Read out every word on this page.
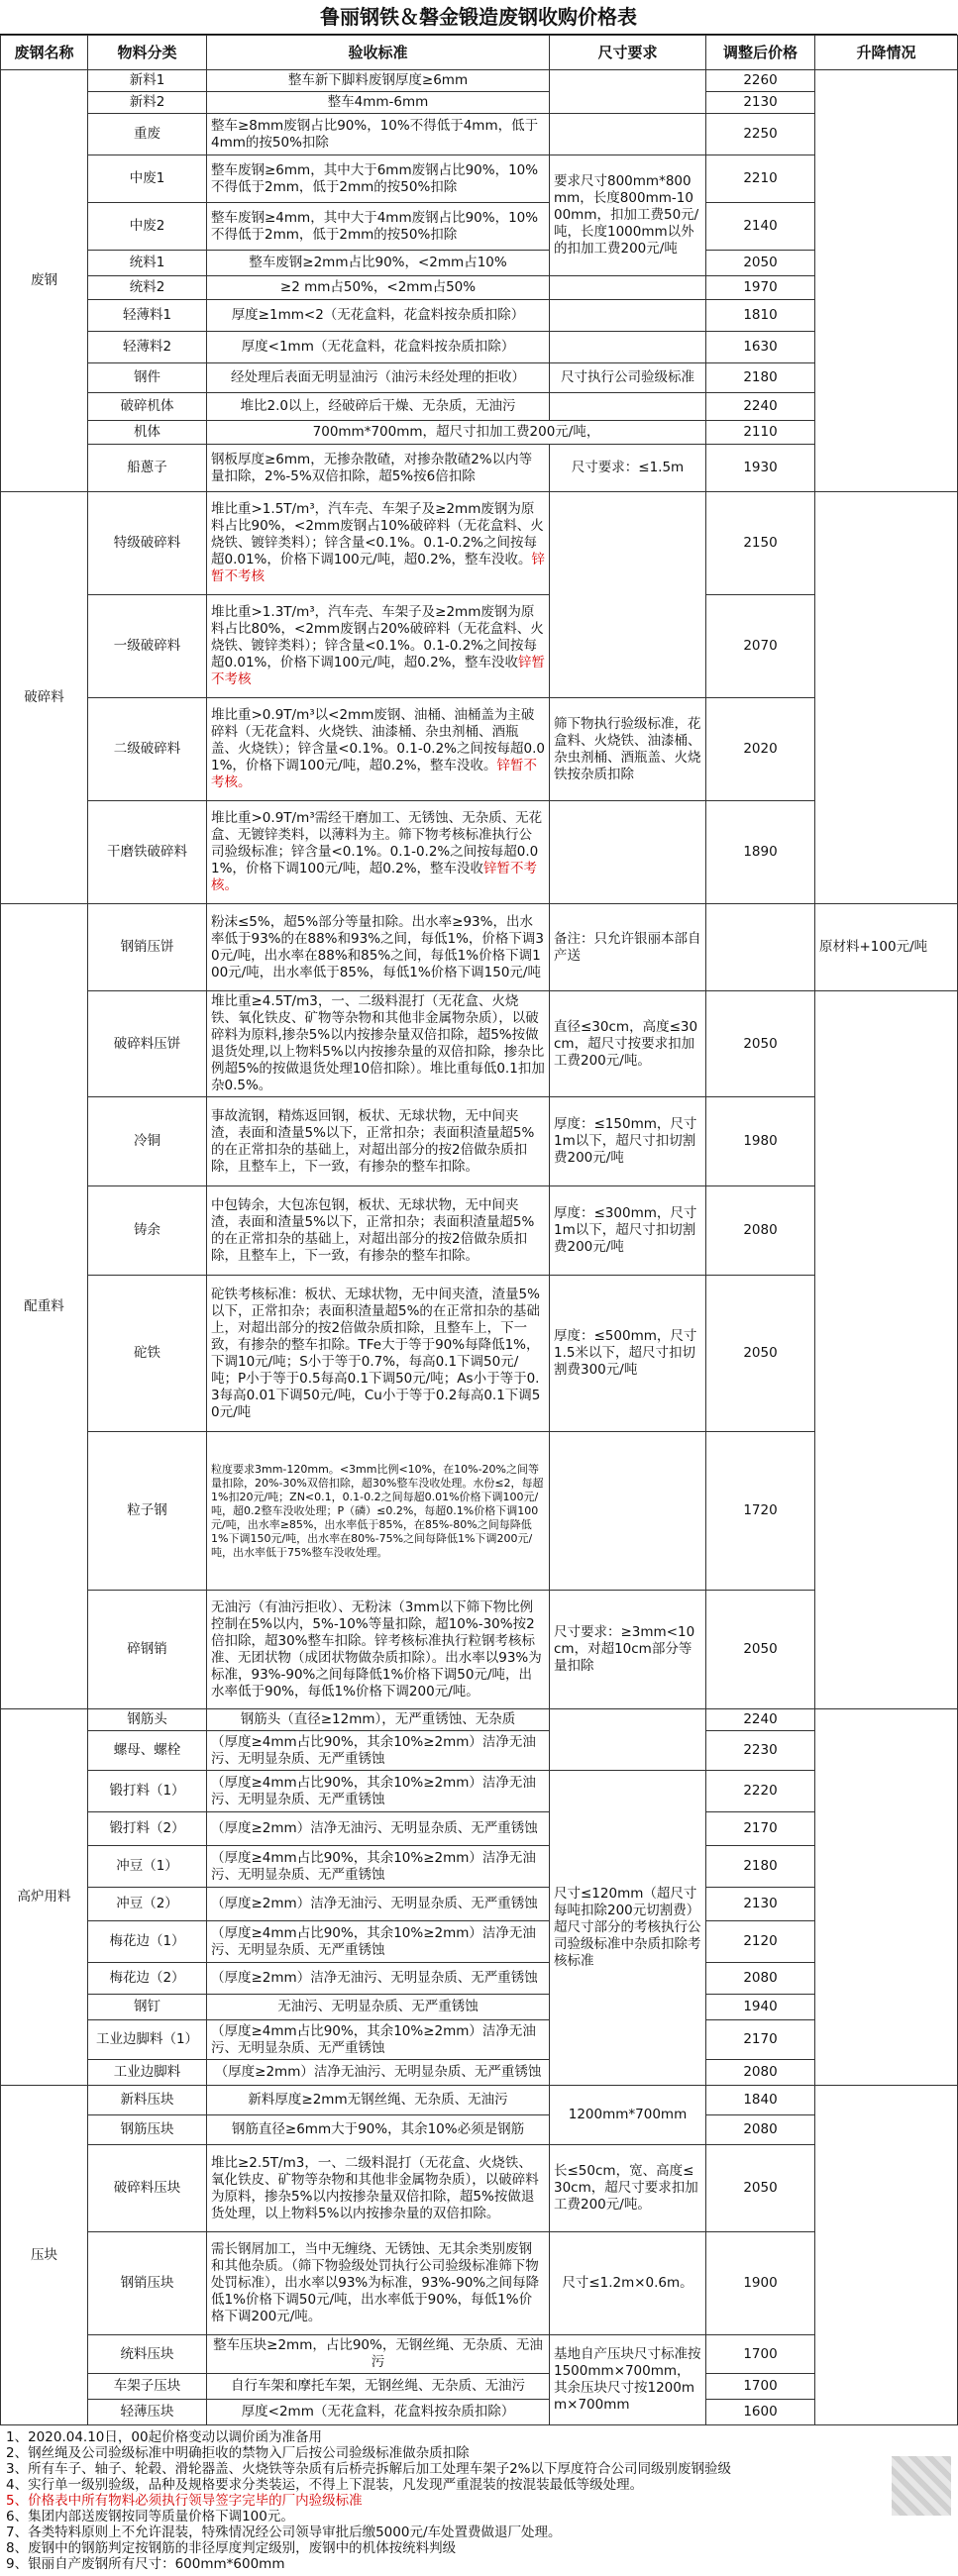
鲁丽钢铁＆磐金锻造废钢收购价格表
废钢名称	物料分类	验收标准	尺寸要求	调整后价格	升降情况
废钢	新料1	整车新下脚料废钢厚度≥6mm		2260	
	新料2	整车4mm-6mm		2130	
	重废	整车≥8mm废钢占比90%，10%不得低于4mm，低于4mm的按50%扣除		2250	
	中废1	整车废钢≥6mm，其中大于6mm废钢占比90%，10%不得低于2mm，低于2mm的按50%扣除	要求尺寸800mm*800mm，长度800mm-1000mm，扣加工费50元/吨，长度1000mm以外的扣加工费200元/吨	2210	
	中废2	整车废钢≥4mm，其中大于4mm废钢占比90%，10%不得低于2mm，低于2mm的按50%扣除		2140	
	统料1	整车废钢≥2mm占比90%，<2mm占10%		2050	
	统料2	≥2 mm占50%，<2mm占50%		1970	
	轻薄料1	厚度≥1mm<2（无花盒料，花盒料按杂质扣除）		1810	
	轻薄料2	厚度<1mm（无花盒料，花盒料按杂质扣除）		1630	
	钢件	经处理后表面无明显油污（油污未经处理的拒收）	尺寸执行公司验级标准	2180	
	破碎机体	堆比2.0以上，经破碎后干燥、无杂质，无油污		2240	
	机体	700mm*700mm，超尺寸扣加工费200元/吨，		2110	
	船蔥子	钢板厚度≥6mm，无掺杂散碴，对掺杂散碴2%以内等量扣除，2%-5%双倍扣除，超5%按6倍扣除	尺寸要求：≤1.5m	1930	
破碎料	特级破碎料	堆比重>1.5T/m³，汽车壳、车架子及≥2mm废钢为原料占比90%，<2mm废钢占10%破碎料（无花盒料、火烧铁、镀锌类料）；锌含量<0.1%。0.1-0.2%之间按每超0.01%，价格下调100元/吨，超0.2%，整车没收。锌暂不考核		2150	
	一级破碎料	堆比重>1.3T/m³，汽车壳、车架子及≥2mm废钢为原料占比80%，<2mm废钢占20%破碎料（无花盒料、火烧铁、镀锌类料）；锌含量<0.1%。0.1-0.2%之间按每超0.01%，价格下调100元/吨，超0.2%，整车没收锌暂不考核		2070	
	二级破碎料	堆比重>0.9T/m³以<2mm废钢、油桶、油桶盖为主破碎料（无花盒料、火烧铁、油漆桶、杂虫剂桶、酒瓶盖、火烧铁）；锌含量<0.1%。0.1-0.2%之间按每超0.01%，价格下调100元/吨，超0.2%，整车没收。锌暂不考核。	筛下物执行验级标准，花盒料、火烧铁、油漆桶、杂虫剂桶、酒瓶盖、火烧铁按杂质扣除	2020	
	干磨铁破碎料	堆比重>0.9T/m³需经干磨加工、无锈蚀、无杂质、无花盒、无镀锌类料，以薄料为主。筛下物考核标准执行公司验级标准；锌含量<0.1%。0.1-0.2%之间按每超0.01%，价格下调100元/吨，超0.2%，整车没收锌暂不考核。		1890	
配重料	钢销压饼	粉沫≤5%，超5%部分等量扣除。出水率≥93%，出水率低于93%的在88%和93%之间，每低1%，价格下调30元/吨，出水率在88%和85%之间，每低1%价格下调100元/吨，出水率低于85%，每低1%价格下调150元/吨	备注：只允许银丽本部自产送		原材料+100元/吨
	破碎料压饼	堆比重≥4.5T/m3，一、二级料混打（无花盒、火烧铁、氧化铁皮、矿物等杂物和其他非金属物杂质），以破碎料为原料,掺杂5%以内按掺杂量双倍扣除，超5%按做退货处理,以上物料5%以内按掺杂量的双倍扣除，掺杂比例超5%的按做退货处理10倍扣除）。堆比重每低0.1扣加杂0.5%。	直径≤30cm，高度≤30cm，超尺寸按要求扣加工费200元/吨。	2050	
	冷铜	事故流钢，精炼返回钢，板状、无球状物，无中间夹渣，表面和渣量5%以下，正常扣杂；表面积渣量超5%的在正常扣杂的基础上，对超出部分的按2倍做杂质扣除，且整车上，下一致，有掺杂的整车扣除。	厚度：≤150mm，尺寸1m以下，超尺寸扣切割费200元/吨	1980	
	铸余	中包铸余，大包冻包钢，板状、无球状物，无中间夹渣，表面和渣量5%以下，正常扣杂；表面积渣量超5%的在正常扣杂的基础上，对超出部分的按2倍做杂质扣除，且整车上，下一致，有掺杂的整车扣除。	厚度：≤300mm，尺寸1m以下，超尺寸扣切割费200元/吨	2080	
	砣铁	砣铁考核标准：板状、无球状物，无中间夹渣，渣量5%以下，正常扣杂；表面积渣量超5%的在正常扣杂的基础上，对超出部分的按2倍做杂质扣除，且整车上，下一致，有掺杂的整车扣除。TFe大于等于90%每降低1%，下调10元/吨；S小于等于0.7%，每高0.1下调50元/吨；P小于等于0.5每高0.1下调50元/吨；As小于等于0.3每高0.01下调50元/吨，Cu小于等于0.2每高0.1下调50元/吨	厚度：≤500mm，尺寸1.5米以下，超尺寸扣切割费300元/吨	2050	
	粒子钢	粒度要求3mm-120mm。<3mm比例<10%，在10%-20%之间等量扣除，20%-30%双倍扣除，超30%整车没收处理。水份≤2，每超1%扣20元/吨；ZN<0.1，0.1-0.2之间每超0.01%价格下调100元/吨，超0.2整车没收处理；P（磷）≤0.2%，每超0.1%价格下调100元/吨，出水率≥85%，出水率低于85%，在85%-80%之间每降低1%下调150元/吨，出水率在80%-75%之间每降低1%下调200元/吨，出水率低于75%整车没收处理。		1720	
	碎钢销	无油污（有油污拒收）、无粉沫（3mm以下筛下物比例控制在5%以内，5%-10%等量扣除，超10%-30%按2倍扣除，超30%整车扣除。锌考核标准执行粒钢考核标准、无团状物（成团状物做杂质扣除）。出水率以93%为标准，93%-90%之间每降低1%价格下调50元/吨，出水率低于90%，每低1%价格下调200元/吨。	尺寸要求：≥3mm<10cm，对超10cm部分等量扣除	2050	
高炉用料	钢筋头	钢筋头（直径≥12mm），无严重锈蚀、无杂质		2240	
	螺母、螺栓	（厚度≥4mm占比90%，其余10%≥2mm）洁净无油污、无明显杂质、无严重锈蚀		2230	
	锻打料（1）	（厚度≥4mm占比90%，其余10%≥2mm）洁净无油污、无明显杂质、无严重锈蚀	尺寸≤120mm（超尺寸每吨扣除200元切割费）超尺寸部分的考核执行公司验级标准中杂质扣除考核标准	2220	
	锻打料（2）	（厚度≥2mm）洁净无油污、无明显杂质、无严重锈蚀		2170	
	冲豆（1）	（厚度≥4mm占比90%，其余10%≥2mm）洁净无油污、无明显杂质、无严重锈蚀		2180	
	冲豆（2）	（厚度≥2mm）洁净无油污、无明显杂质、无严重锈蚀		2130	
	梅花边（1）	（厚度≥4mm占比90%，其余10%≥2mm）洁净无油污、无明显杂质、无严重锈蚀		2120	
	梅花边（2）	（厚度≥2mm）洁净无油污、无明显杂质、无严重锈蚀		2080	
	钢钉	无油污、无明显杂质、无严重锈蚀		1940	
	工业边脚料（1）	（厚度≥4mm占比90%，其余10%≥2mm）洁净无油污、无明显杂质、无严重锈蚀		2170	
	工业边脚料	（厚度≥2mm）洁净无油污、无明显杂质、无严重锈蚀		2080	
压块	新料压块	新料厚度≥2mm无钢丝绳、无杂质、无油污	1200mm*700mm	1840	
	钢筋压块	钢筋直径≥6mm大于90%，其余10%必须是钢筋		2080	
	破碎料压块	堆比≥2.5T/m3，一、二级料混打（无花盒、火烧铁、氧化铁皮、矿物等杂物和其他非金属物杂质），以破碎料为原料，掺杂5%以内按掺杂量双倍扣除，超5%按做退货处理，以上物料5%以内按掺杂量的双倍扣除。	长≤50cm，宽、高度≤30cm，超尺寸要求扣加工费200元/吨。	2050	
	钢销压块	需长钢屑加工，当中无缠绕、无锈蚀、无其余类别废钢和其他杂质。（筛下物验级处罚执行公司验级标准筛下物处罚标准），出水率以93%为标准，93%-90%之间每降低1%价格下调50元/吨，出水率低于90%，每低1%价格下调200元/吨。	尺寸≤1.2m×0.6m。	1900	
	统料压块	整车压块≥2mm，占比90%，无钢丝绳、无杂质、无油污	基地自产压块尺寸标准按1500mm×700mm，其余压块尺寸按1200mm×700mm	1700	
	车架子压块	自行车架和摩托车架，无钢丝绳、无杂质、无油污		1700	
	轻薄压块	厚度<2mm（无花盒料，花盒料按杂质扣除）		1600	
1、2020.04.10日，00起价格变动以调价函为准备用
2、钢丝绳及公司验级标准中明确拒收的禁物入厂后按公司验级标准做杂质扣除
3、所有车子、轴子、轮毂、滑轮器盖、火烧铁等杂质有后桥壳拆解后加工处理车架子2%以下厚度符合公司同级别废钢验级
4、实行单一级别验级，品种及规格要求分类装运，不得上下混装，凡发现严重混装的按混装最低等级处理。
5、价格表中所有物料必须执行领导签字完毕的厂内验级标准
6、集团内部送废钢按同等质量价格下调100元。
7、各类特料原则上不允许混装，特殊情况经公司领导审批后缴5000元/车处置费做退厂处理。
8、废钢中的钢筋判定按钢筋的非径厚度判定级别，废钢中的机体按统料判级
9、银丽自产废钢所有尺寸：600mm*600mm
